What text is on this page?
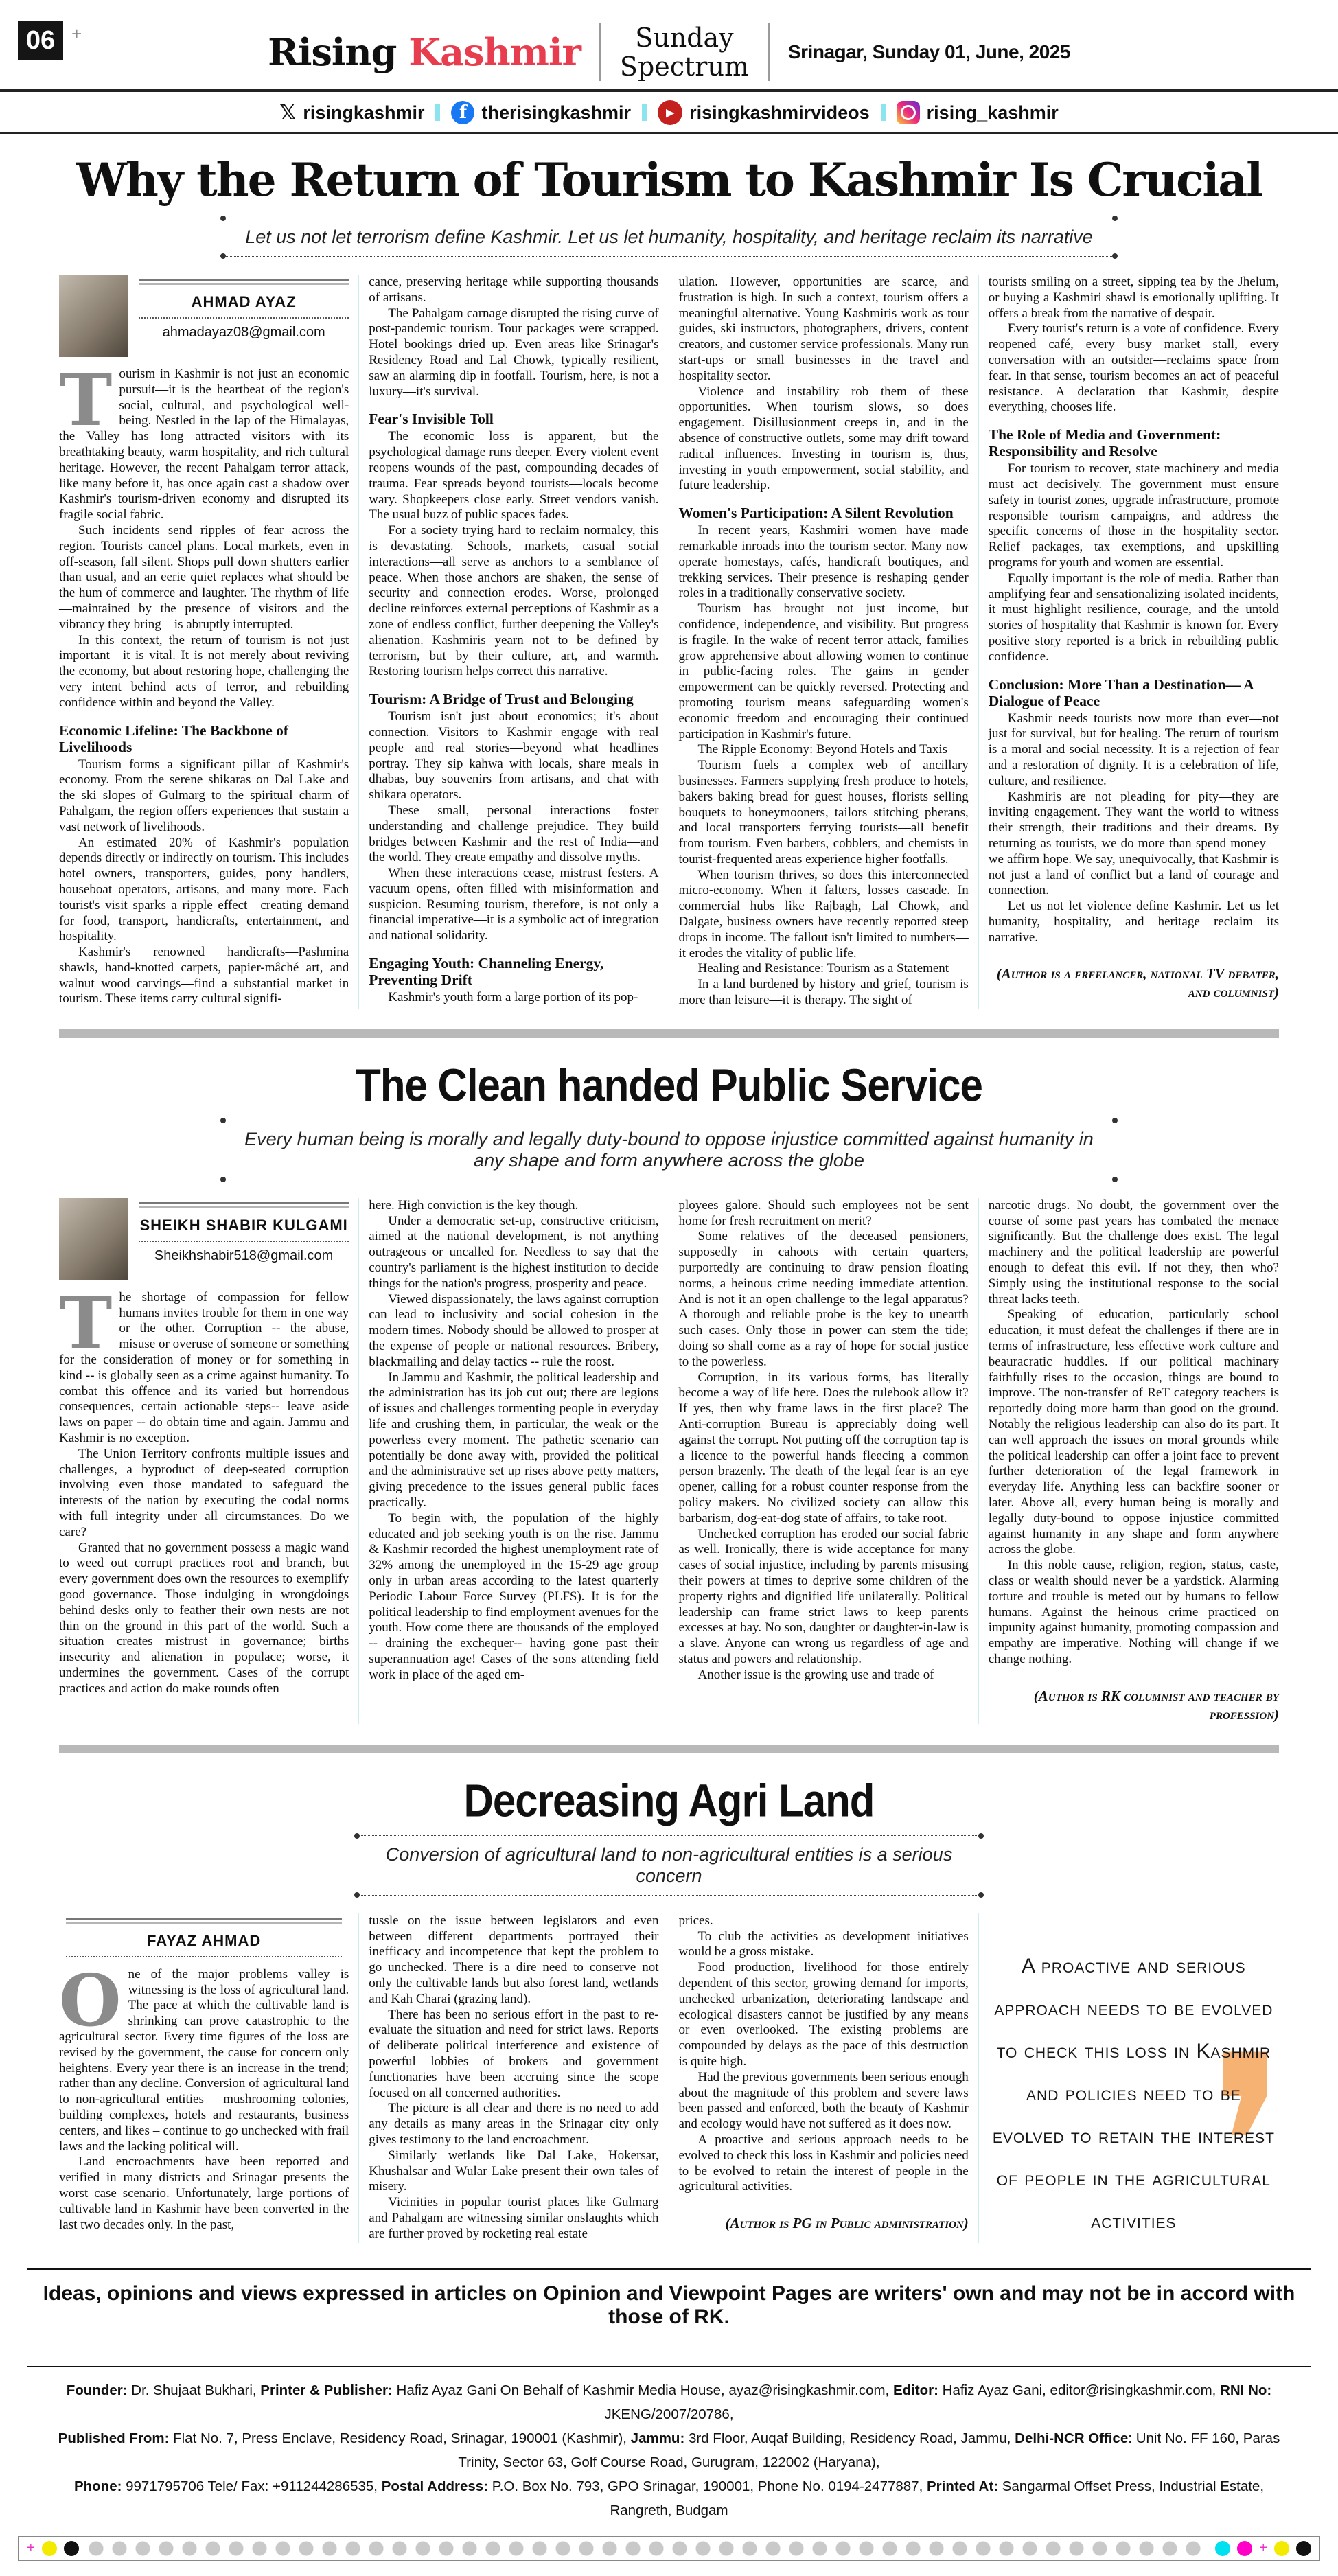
06 +	Rising Kashmir	Sunday
Spectrum Srinagar, Sunday 01, June, 2025
𝕏 risingkashmir	f therisingkashmir	▶ risingkashmirvideos	rising_kashmir
Why the Return of Tourism to Kashmir Is Crucial
Let us not let terrorism define Kashmir. Let us let humanity, hospitality, and heritage reclaim its narrative
AHMAD AYAZ
ahmadayaz08@gmail.com

Tourism in Kashmir is not just an economic pursuit—it is the heartbeat of the region's social, cultural, and psychological well-being. Nestled in the lap of the Himalayas, the Valley has long attracted visitors with its breathtaking beauty, warm hospitality, and rich cultural heritage. However, the recent Pahalgam terror attack, like many before it, has once again cast a shadow over Kashmir's tourism-driven economy and disrupted its fragile social fabric.

Such incidents send ripples of fear across the region. Tourists cancel plans. Local markets, even in off-season, fall silent. Shops pull down shutters earlier than usual, and an eerie quiet replaces what should be the hum of commerce and laughter. The rhythm of life—maintained by the presence of visitors and the vibrancy they bring—is abruptly interrupted.

In this context, the return of tourism is not just important—it is vital. It is not merely about reviving the economy, but about restoring hope, challenging the very intent behind acts of terror, and rebuilding confidence within and beyond the Valley.

Economic Lifeline: The Backbone of Livelihoods

Tourism forms a significant pillar of Kashmir's economy. From the serene shikaras on Dal Lake and the ski slopes of Gulmarg to the spiritual charm of Pahalgam, the region offers experiences that sustain a vast network of livelihoods.

An estimated 20% of Kashmir's population depends directly or indirectly on tourism. This includes hotel owners, transporters, guides, pony handlers, houseboat operators, artisans, and many more. Each tourist's visit sparks a ripple effect—creating demand for food, transport, handicrafts, entertainment, and hospitality.

Kashmir's renowned handicrafts—Pashmina shawls, hand-knotted carpets, papier-mâché art, and walnut wood carvings—find a substantial market in tourism. These items carry cultural signifi-

cance, preserving heritage while supporting thousands of artisans.

The Pahalgam carnage disrupted the rising curve of post-pandemic tourism. Tour packages were scrapped. Hotel bookings dried up. Even areas like Srinagar's Residency Road and Lal Chowk, typically resilient, saw an alarming dip in footfall. Tourism, here, is not a luxury—it's survival.

Fear's Invisible Toll

The economic loss is apparent, but the psychological damage runs deeper. Every violent event reopens wounds of the past, compounding decades of trauma. Fear spreads beyond tourists—locals become wary. Shopkeepers close early. Street vendors vanish. The usual buzz of public spaces fades.

For a society trying hard to reclaim normalcy, this is devastating. Schools, markets, casual social interactions—all serve as anchors to a semblance of peace. When those anchors are shaken, the sense of security and connection erodes. Worse, prolonged decline reinforces external perceptions of Kashmir as a zone of endless conflict, further deepening the Valley's alienation. Kashmiris yearn not to be defined by terrorism, but by their culture, art, and warmth. Restoring tourism helps correct this narrative.

Tourism: A Bridge of Trust and Belonging

Tourism isn't just about economics; it's about connection. Visitors to Kashmir engage with real people and real stories—beyond what headlines portray. They sip kahwa with locals, share meals in dhabas, buy souvenirs from artisans, and chat with shikara operators.

These small, personal interactions foster understanding and challenge prejudice. They build bridges between Kashmir and the rest of India—and the world. They create empathy and dissolve myths.

When these interactions cease, mistrust festers. A vacuum opens, often filled with misinformation and suspicion. Resuming tourism, therefore, is not only a financial imperative—it is a symbolic act of integration and national solidarity.

Engaging Youth: Channeling Energy, Preventing Drift

Kashmir's youth form a large portion of its pop-

ulation. However, opportunities are scarce, and frustration is high. In such a context, tourism offers a meaningful alternative. Young Kashmiris work as tour guides, ski instructors, photographers, drivers, content creators, and customer service professionals. Many run start-ups or small businesses in the travel and hospitality sector.

Violence and instability rob them of these opportunities. When tourism slows, so does engagement. Disillusionment creeps in, and in the absence of constructive outlets, some may drift toward radical influences. Investing in tourism is, thus, investing in youth empowerment, social stability, and future leadership.

Women's Participation: A Silent Revolution

In recent years, Kashmiri women have made remarkable inroads into the tourism sector. Many now operate homestays, cafés, handicraft boutiques, and trekking services. Their presence is reshaping gender roles in a traditionally conservative society.

Tourism has brought not just income, but confidence, independence, and visibility. But progress is fragile. In the wake of recent terror attack, families grow apprehensive about allowing women to continue in public-facing roles. The gains in gender empowerment can be quickly reversed. Protecting and promoting tourism means safeguarding women's economic freedom and encouraging their continued participation in Kashmir's future.

The Ripple Economy: Beyond Hotels and Taxis

Tourism fuels a complex web of ancillary businesses. Farmers supplying fresh produce to hotels, bakers baking bread for guest houses, florists selling bouquets to honeymooners, tailors stitching pherans, and local transporters ferrying tourists—all benefit from tourism. Even barbers, cobblers, and chemists in tourist-frequented areas experience higher footfalls.

When tourism thrives, so does this interconnected micro-economy. When it falters, losses cascade. In commercial hubs like Rajbagh, Lal Chowk, and Dalgate, business owners have recently reported steep drops in income. The fallout isn't limited to numbers—it erodes the vitality of public life.

Healing and Resistance: Tourism as a Statement

In a land burdened by history and grief, tourism is more than leisure—it is therapy. The sight of

tourists smiling on a street, sipping tea by the Jhelum, or buying a Kashmiri shawl is emotionally uplifting. It offers a break from the narrative of despair.

Every tourist's return is a vote of confidence. Every reopened café, every busy market stall, every conversation with an outsider—reclaims space from fear. In that sense, tourism becomes an act of peaceful resistance. A declaration that Kashmir, despite everything, chooses life.

The Role of Media and Government: Responsibility and Resolve

For tourism to recover, state machinery and media must act decisively. The government must ensure safety in tourist zones, upgrade infrastructure, promote responsible tourism campaigns, and address the specific concerns of those in the hospitality sector. Relief packages, tax exemptions, and upskilling programs for youth and women are essential.

Equally important is the role of media. Rather than amplifying fear and sensationalizing isolated incidents, it must highlight resilience, courage, and the untold stories of hospitality that Kashmir is known for. Every positive story reported is a brick in rebuilding public confidence.

Conclusion: More Than a Destination— A Dialogue of Peace

Kashmir needs tourists now more than ever—not just for survival, but for healing. The return of tourism is a moral and social necessity. It is a rejection of fear and a restoration of dignity. It is a celebration of life, culture, and resilience.

Kashmiris are not pleading for pity—they are inviting engagement. They want the world to witness their strength, their traditions and their dreams. By returning as tourists, we do more than spend money—we affirm hope. We say, unequivocally, that Kashmir is not just a land of conflict but a land of courage and connection.

Let us not let violence define Kashmir. Let us let humanity, hospitality, and heritage reclaim its narrative.

(Author is a freelancer, national TV debater, and columnist)
The Clean handed Public Service
Every human being is morally and legally duty-bound to oppose injustice committed against humanity in any shape and form anywhere across the globe
SHEIKH SHABIR KULGAMI
Sheikhshabir518@gmail.com

The shortage of compassion for fellow humans invites trouble for them in one way or the other. Corruption -- the abuse, misuse or overuse of someone or something for the consideration of money or for something in kind -- is globally seen as a crime against humanity. To combat this offence and its varied but horrendous consequences, certain actionable steps-- leave aside laws on paper -- do obtain time and again. Jammu and Kashmir is no exception.

The Union Territory confronts multiple issues and challenges, a byproduct of deep-seated corruption involving even those mandated to safeguard the interests of the nation by executing the codal norms with full integrity under all circumstances. Do we care?

Granted that no government possess a magic wand to weed out corrupt practices root and branch, but every government does own the resources to exemplify good governance. Those indulging in wrongdoings behind desks only to feather their own nests are not thin on the ground in this part of the world. Such a situation creates mistrust in governance; births insecurity and alienation in populace; worse, it undermines the government. Cases of the corrupt practices and action do make rounds often

here. High conviction is the key though.

Under a democratic set-up, constructive criticism, aimed at the national development, is not anything outrageous or uncalled for. Needless to say that the country's parliament is the highest institution to decide things for the nation's progress, prosperity and peace.

Viewed dispassionately, the laws against corruption can lead to inclusivity and social cohesion in the modern times. Nobody should be allowed to prosper at the expense of people or national resources. Bribery, blackmailing and delay tactics -- rule the roost.

In Jammu and Kashmir, the political leadership and the administration has its job cut out; there are legions of issues and challenges tormenting people in everyday life and crushing them, in particular, the weak or the powerless every moment. The pathetic scenario can potentially be done away with, provided the political and the administrative set up rises above petty matters, giving precedence to the issues general public faces practically.

To begin with, the population of the highly educated and job seeking youth is on the rise. Jammu & Kashmir recorded the highest unemployment rate of 32% among the unemployed in the 15-29 age group only in urban areas according to the latest quarterly Periodic Labour Force Survey (PLFS). It is for the political leadership to find employment avenues for the youth. How come there are thousands of the employed -- draining the exchequer-- having gone past their superannuation age! Cases of the sons attending field work in place of the aged em-

ployees galore. Should such employees not be sent home for fresh recruitment on merit?

Some relatives of the deceased pensioners, supposedly in cahoots with certain quarters, purportedly are continuing to draw pension floating norms, a heinous crime needing immediate attention. And is not it an open challenge to the legal apparatus? A thorough and reliable probe is the key to unearth such cases. Only those in power can stem the tide; doing so shall come as a ray of hope for social justice to the powerless.

Corruption, in its various forms, has literally become a way of life here. Does the rulebook allow it? If yes, then why frame laws in the first place? The Anti-corruption Bureau is appreciably doing well against the corrupt. Not putting off the corruption tap is a licence to the powerful hands fleecing a common person brazenly. The death of the legal fear is an eye opener, calling for a robust counter response from the policy makers. No civilized society can allow this barbarism, dog-eat-dog state of affairs, to take root.

Unchecked corruption has eroded our social fabric as well. Ironically, there is wide acceptance for many cases of social injustice, including by parents misusing their powers at times to deprive some children of the property rights and dignified life unilaterally. Political leadership can frame strict laws to keep parents excesses at bay. No son, daughter or daughter-in-law is a slave. Anyone can wrong us regardless of age and status and powers and relationship.

Another issue is the growing use and trade of

narcotic drugs. No doubt, the government over the course of some past years has combated the menace significantly. But the challenge does exist. The legal machinery and the political leadership are powerful enough to defeat this evil. If not they, then who? Simply using the institutional response to the social threat lacks teeth.

Speaking of education, particularly school education, it must defeat the challenges if there are in terms of infrastructure, less effective work culture and beauracratic huddles. If our political machinary faithfully rises to the occasion, things are bound to improve. The non-transfer of ReT category teachers is reportedly doing more harm than good on the ground. Notably the religious leadership can also do its part. It can well approach the issues on moral grounds while the political leadership can offer a joint face to prevent further deterioration of the legal framework in everyday life. Anything less can backfire sooner or later. Above all, every human being is morally and legally duty-bound to oppose injustice committed against humanity in any shape and form anywhere across the globe.

In this noble cause, religion, region, status, caste, class or wealth should never be a yardstick. Alarming torture and trouble is meted out by humans to fellow humans. Against the heinous crime practiced on impunity against humanity, promoting compassion and empathy are imperative. Nothing will change if we change nothing.

(Author is RK columnist and teacher by profession)
Decreasing Agri Land
Conversion of agricultural land to non-agricultural entities is a serious concern
FAYAZ AHMAD

One of the major problems valley is witnessing is the loss of agricultural land. The pace at which the cultivable land is shrinking can prove catastrophic to the agricultural sector. Every time figures of the loss are revised by the government, the cause for concern only heightens. Every year there is an increase in the trend; rather than any decline. Conversion of agricultural land to non-agricultural entities – mushrooming colonies, building complexes, hotels and restaurants, business centers, and likes – continue to go unchecked with frail laws and the lacking political will.

Land encroachments have been reported and verified in many districts and Srinagar presents the worst case scenario. Unfortunately, large portions of cultivable land in Kashmir have been converted in the last two decades only. In the past,

tussle on the issue between legislators and even between different departments portrayed their inefficacy and incompetence that kept the problem to go unchecked. There is a dire need to conserve not only the cultivable lands but also forest land, wetlands and Kah Charai (grazing land).

There has been no serious effort in the past to re-evaluate the situation and need for strict laws. Reports of deliberate political interference and existence of powerful lobbies of brokers and government functionaries have been accruing since the scope focused on all concerned authorities.

The picture is all clear and there is no need to add any details as many areas in the Srinagar city only gives testimony to the land encroachment.

Similarly wetlands like Dal Lake, Hokersar, Khushalsar and Wular Lake present their own tales of misery.

Vicinities in popular tourist places like Gulmarg and Pahalgam are witnessing similar onslaughts which are further proved by rocketing real estate

prices.

To club the activities as development initiatives would be a gross mistake.

Food production, livelihood for those entirely dependent of this sector, growing demand for imports, unchecked urbanization, deteriorating landscape and ecological disasters cannot be justified by any means or even overlooked. The existing problems are compounded by delays as the pace of this destruction is quite high.

Had the previous governments been serious enough about the magnitude of this problem and severe laws been passed and enforced, both the beauty of Kashmir and ecology would have not suffered as it does now.

A proactive and serious approach needs to be evolved to check this loss in Kashmir and policies need to be evolved to retain the interest of people in the agricultural activities.

(Author is PG in Public administration) ❜
A proactive and serious approach needs to be evolved to check this loss in Kashmir and policies need to be evolved to retain the interest of people in the agricultural activities
Ideas, opinions and views expressed in articles on Opinion and Viewpoint Pages are writers' own and may not be in accord with those of RK.
Founder: Dr. Shujaat Bukhari, Printer & Publisher: Hafiz Ayaz Gani On Behalf of Kashmir Media House, ayaz@risingkashmir.com, Editor: Hafiz Ayaz Gani, editor@risingkashmir.com, RNI No: JKENG/2007/20786,
Published From: Flat No. 7, Press Enclave, Residency Road, Srinagar, 190001 (Kashmir), Jammu: 3rd Floor, Auqaf Building, Residency Road, Jammu, Delhi-NCR Office: Unit No. FF 160, Paras Trinity, Sector 63, Golf Course Road, Gurugram, 122002 (Haryana),
Phone: 9971795706 Tele/ Fax: +911244286535, Postal Address: P.O. Box No. 793, GPO Srinagar, 190001, Phone No. 0194-2477887, Printed At: Sangarmal Offset Press, Industrial Estate, Rangreth, Budgam
+	+
